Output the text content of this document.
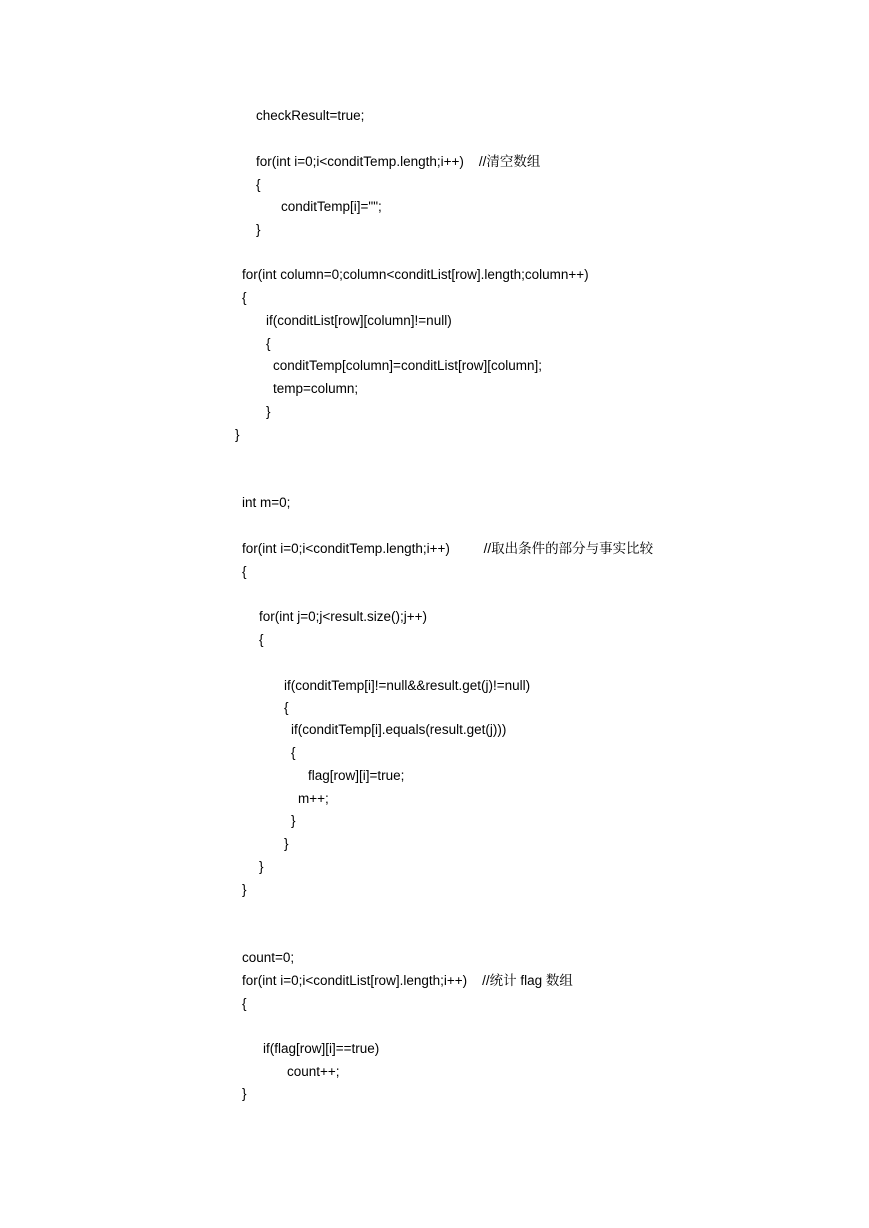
checkResult=true;
for(int i=0;i<conditTemp.length;i++)    //清空数组
{
conditTemp[i]="";
}
for(int column=0;column<conditList[row].length;column++)
{
if(conditList[row][column]!=null)
{
conditTemp[column]=conditList[row][column];
temp=column;
}
}
int m=0;
for(int i=0;i<conditTemp.length;i++)         //取出条件的部分与事实比较
{
for(int j=0;j<result.size();j++)
{
if(conditTemp[i]!=null&&result.get(j)!=null)
{
if(conditTemp[i].equals(result.get(j)))
{
flag[row][i]=true;
m++;
}
}
}
}
count=0;
for(int i=0;i<conditList[row].length;i++)    //统计 flag 数组
{
if(flag[row][i]==true)
count++;
}
